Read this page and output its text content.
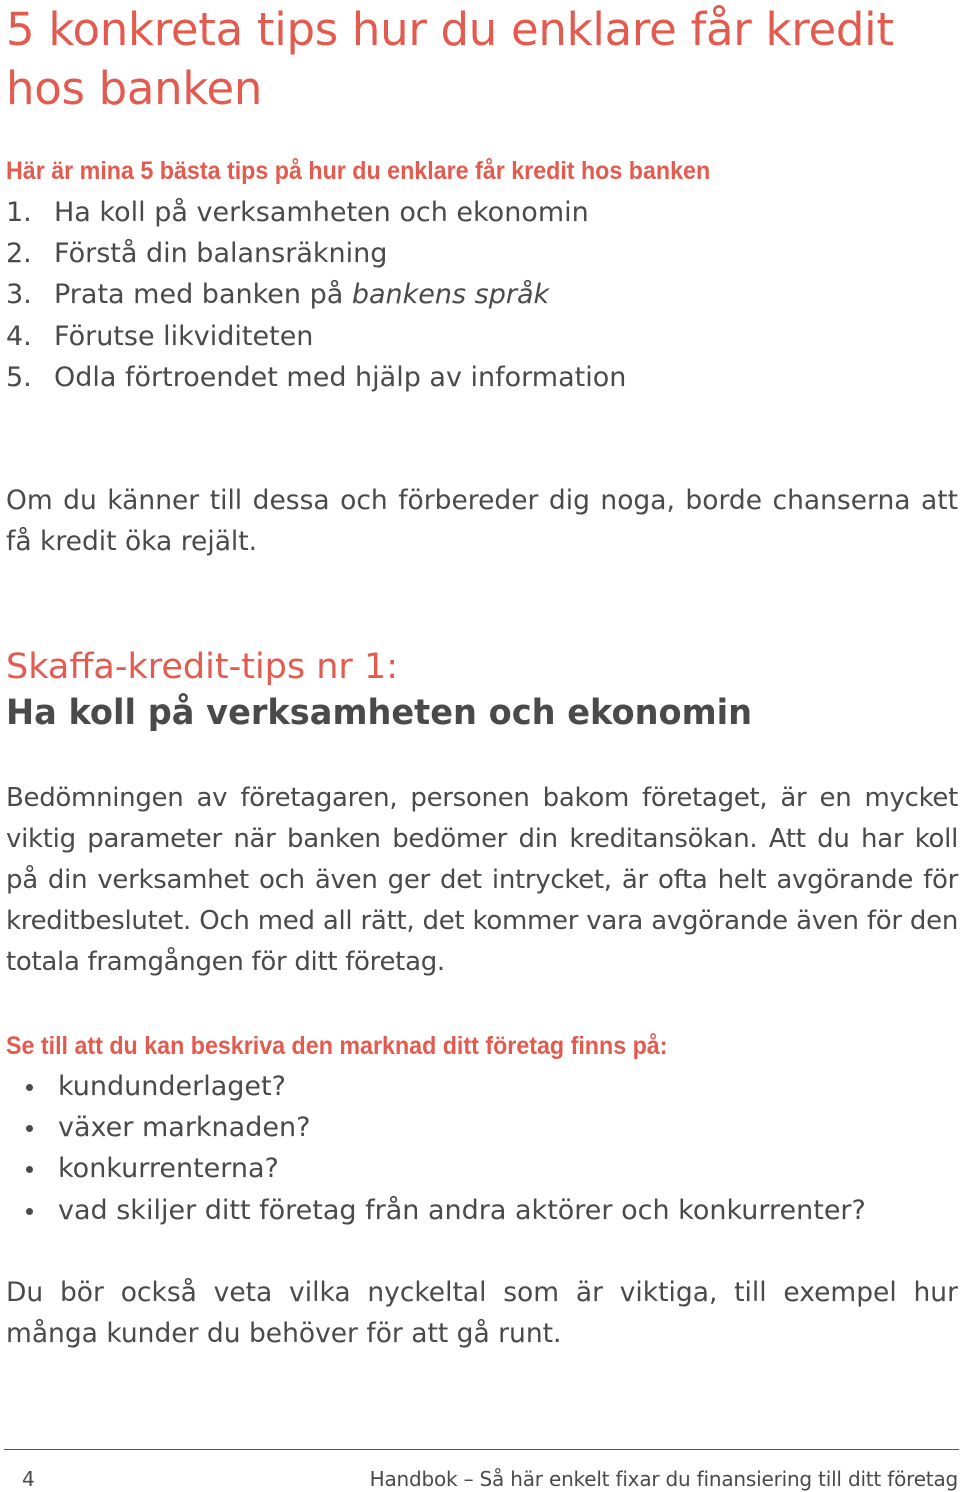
5 konkreta tips hur du enklare får kredit hos banken
Här är mina 5 bästa tips på hur du enklare får kredit hos banken
1. Ha koll på verksamheten och ekonomin
2. Förstå din balansräkning
3. Prata med banken på bankens språk
4. Förutse likviditeten
5. Odla förtroendet med hjälp av information

Om du känner till dessa och förbereder dig noga, borde chanserna att få kredit öka rejält.

Skaffa-kredit-tips nr 1:
Ha koll på verksamheten och ekonomin

Bedömningen av företagaren, personen bakom företaget, är en mycket viktig parameter när banken bedömer din kreditansökan. Att du har koll på din verksamhet och även ger det intrycket, är ofta helt avgörande för kreditbeslutet. Och med all rätt, det kommer vara avgörande även för den totala framgången för ditt företag.

Se till att du kan beskriva den marknad ditt företag finns på:
kundunderlaget?
växer marknaden?
konkurrenterna?
vad skiljer ditt företag från andra aktörer och konkurrenter?

Du bör också veta vilka nyckeltal som är viktiga, till exempel hur många kunder du behöver för att gå runt.

4	Handbok – Så här enkelt fixar du finansiering till ditt företag
